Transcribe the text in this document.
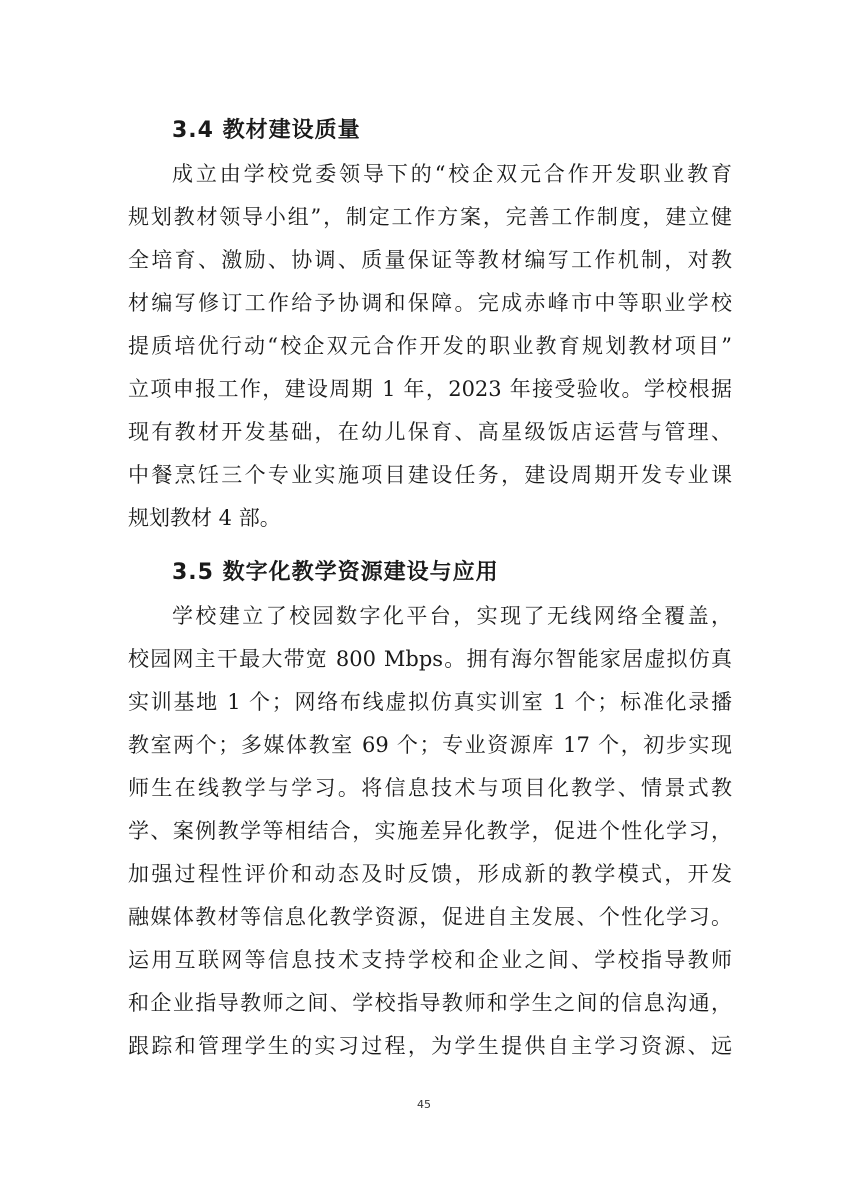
3.4 教材建设质量
成立由学校党委领导下的“校企双元合作开发职业教育
规划教材领导小组”，制定工作方案，完善工作制度，建立健
全培育、激励、协调、质量保证等教材编写工作机制，对教
材编写修订工作给予协调和保障。完成赤峰市中等职业学校
提质培优行动“校企双元合作开发的职业教育规划教材项目”
立项申报工作，建设周期 1 年，2023 年接受验收。学校根据
现有教材开发基础，在幼儿保育、高星级饭店运营与管理、
中餐烹饪三个专业实施项目建设任务，建设周期开发专业课
规划教材 4 部。
3.5 数字化教学资源建设与应用
学校建立了校园数字化平台，实现了无线网络全覆盖，
校园网主干最大带宽 800 Mbps。拥有海尔智能家居虚拟仿真
实训基地 1 个；网络布线虚拟仿真实训室 1 个；标准化录播
教室两个；多媒体教室 69 个；专业资源库 17 个，初步实现
师生在线教学与学习。将信息技术与项目化教学、情景式教
学、案例教学等相结合，实施差异化教学，促进个性化学习，
加强过程性评价和动态及时反馈，形成新的教学模式，开发
融媒体教材等信息化教学资源，促进自主发展、个性化学习。
运用互联网等信息技术支持学校和企业之间、学校指导教师
和企业指导教师之间、学校指导教师和学生之间的信息沟通，
跟踪和管理学生的实习过程，为学生提供自主学习资源、远
45
